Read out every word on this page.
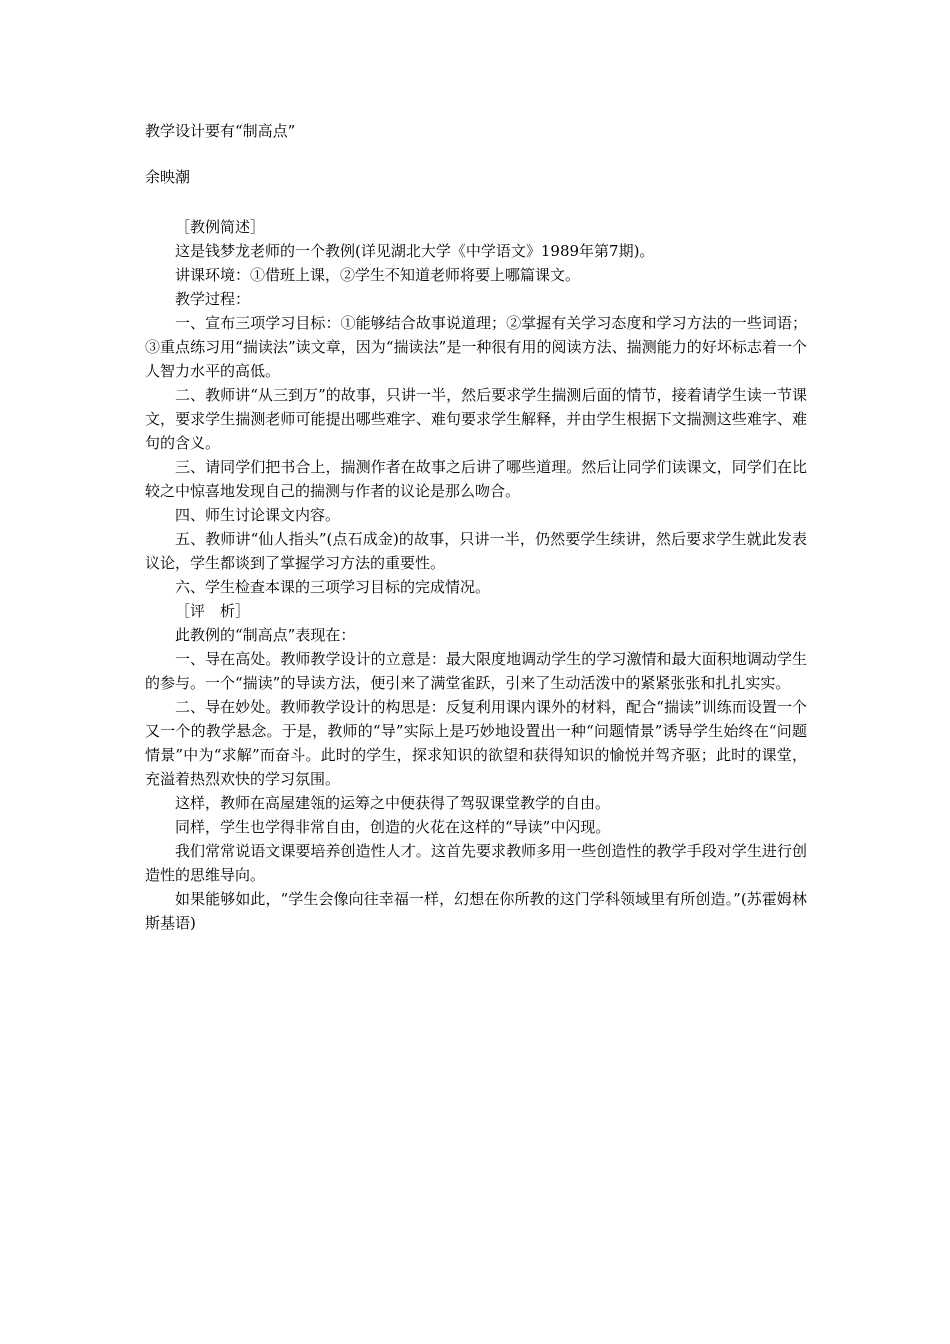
教学设计要有“制高点”
余映潮

［教例简述］

这是钱梦龙老师的一个教例(详见湖北大学《中学语文》1989年第7期)。

讲课环境：①借班上课，②学生不知道老师将要上哪篇课文。

教学过程：

一、宣布三项学习目标：①能够结合故事说道理；②掌握有关学习态度和学习方法的一些词语；③重点练习用“揣读法”读文章，因为“揣读法”是一种很有用的阅读方法、揣测能力的好坏标志着一个人智力水平的高低。

二、教师讲“从三到万”的故事，只讲一半，然后要求学生揣测后面的情节，接着请学生读一节课文，要求学生揣测老师可能提出哪些难字、难句要求学生解释，并由学生根据下文揣测这些难字、难句的含义。

三、请同学们把书合上，揣测作者在故事之后讲了哪些道理。然后让同学们读课文，同学们在比较之中惊喜地发现自己的揣测与作者的议论是那么吻合。

四、师生讨论课文内容。

五、教师讲“仙人指头”(点石成金)的故事，只讲一半，仍然要学生续讲，然后要求学生就此发表议论，学生都谈到了掌握学习方法的重要性。

六、学生检查本课的三项学习目标的完成情况。

［评　析］

此教例的“制高点”表现在：

一、导在高处。教师教学设计的立意是：最大限度地调动学生的学习激情和最大面积地调动学生的参与。一个“揣读”的导读方法，便引来了满堂雀跃，引来了生动活泼中的紧紧张张和扎扎实实。

二、导在妙处。教师教学设计的构思是：反复利用课内课外的材料，配合“揣读”训练而设置一个又一个的教学悬念。于是，教师的“导”实际上是巧妙地设置出一种“问题情景”诱导学生始终在“问题情景”中为“求解”而奋斗。此时的学生，探求知识的欲望和获得知识的愉悦并驾齐驱；此时的课堂，充溢着热烈欢快的学习氛围。

这样，教师在高屋建瓴的运筹之中便获得了驾驭课堂教学的自由。

同样，学生也学得非常自由，创造的火花在这样的“导读”中闪现。

我们常常说语文课要培养创造性人才。这首先要求教师多用一些创造性的教学手段对学生进行创造性的思维导向。

如果能够如此，“学生会像向往幸福一样，幻想在你所教的这门学科领域里有所创造。”(苏霍姆林斯基语)
